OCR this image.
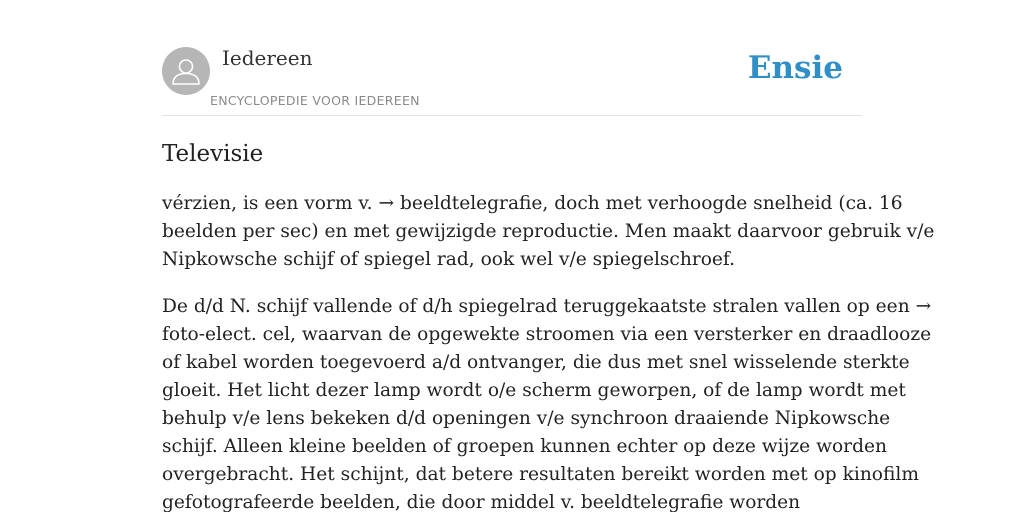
Iedereen
ENCYCLOPEDIE VOOR IEDEREEN
Ensie
Televisie

vérzien, is een vorm v. → beeldtelegrafie, doch met verhoogde snelheid (ca. 16
beelden per sec) en met gewijzigde reproductie. Men maakt daarvoor gebruik v/e
Nipkowsche schijf of spiegel rad, ook wel v/e spiegelschroef.

De d/d N. schijf vallende of d/h spiegelrad teruggekaatste stralen vallen op een →
foto-elect. cel, waarvan de opgewekte stroomen via een versterker en draadlooze
of kabel worden toegevoerd a/d ontvanger, die dus met snel wisselende sterkte
gloeit. Het licht dezer lamp wordt o/e scherm geworpen, of de lamp wordt met
behulp v/e lens bekeken d/d openingen v/e synchroon draaiende Nipkowsche
schijf. Alleen kleine beelden of groepen kunnen echter op deze wijze worden
overgebracht. Het schijnt, dat betere resultaten bereikt worden met op kinofilm
gefotografeerde beelden, die door middel v. beeldtelegrafie worden
